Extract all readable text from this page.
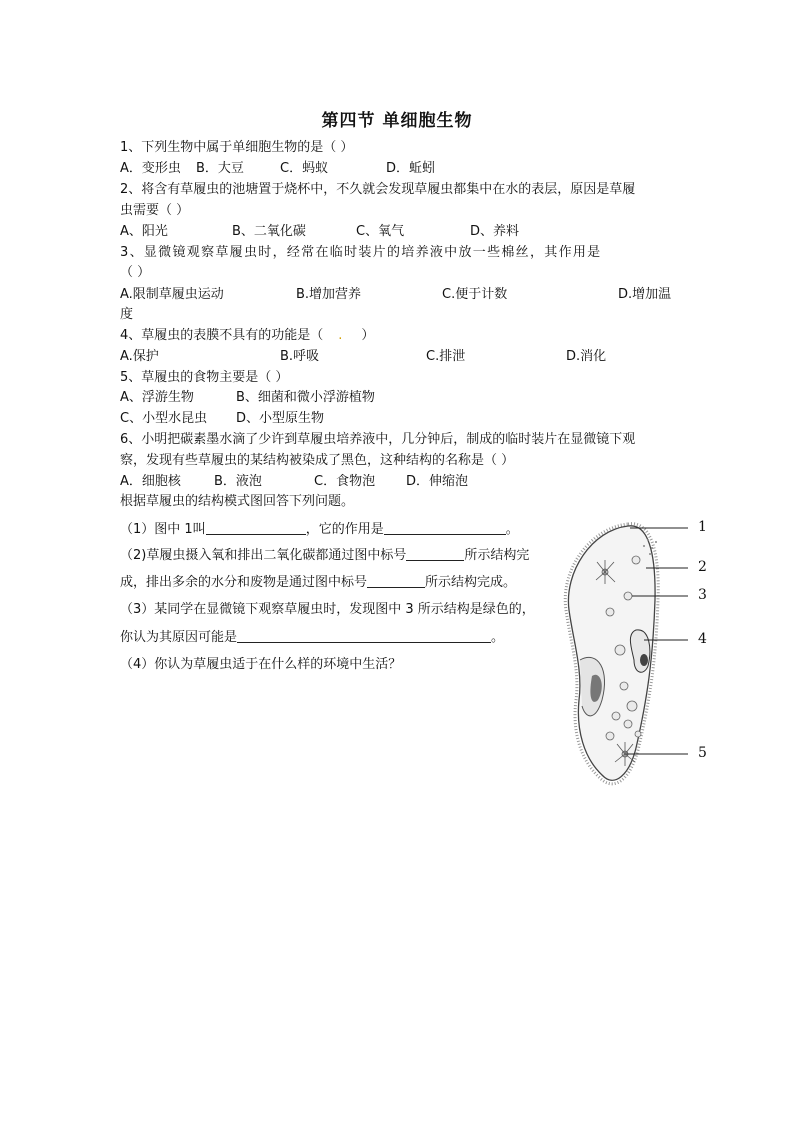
第四节 单细胞生物
1、下列生物中属于单细胞生物的是（ ）
A．变形虫 B．大豆	C．蚂蚁	D．蚯蚓
2、将含有草履虫的池塘置于烧杯中，不久就会发现草履虫都集中在水的表层，原因是草履
虫需要（ ）
A、阳光	B、二氧化碳	C、氧气	D、养料
3、显微镜观察草履虫时，经常在临时装片的培养液中放一些棉丝，其作用是
（ ）
A.限制草履虫运动	B.增加营养	C.便于计数	D.增加温
度
4、草履虫的表膜不具有的功能是（ . ）
A.保护	B.呼吸	C.排泄	D.消化
5、草履虫的食物主要是（ ）
A、浮游生物	B、细菌和微小浮游植物
C、小型水昆虫 D、小型原生物
6、小明把碳素墨水滴了少许到草履虫培养液中，几分钟后，制成的临时装片在显微镜下观
察，发现有些草履虫的某结构被染成了黑色，这种结构的名称是（ ）
A．细胞核	B．液泡	C．食物泡 D．伸缩泡
根据草履虫的结构模式图回答下列问题。
（1）图中 1叫	，它的作用是	。
（2)草履虫摄入氧和排出二氧化碳都通过图中标号	所示结构完
成，排出多余的水分和废物是通过图中标号	所示结构完成。
（3）某同学在显微镜下观察草履虫时，发现图中 3 所示结构是绿色的，
你认为其原因可能是	。
（4）你认为草履虫适于在什么样的环境中生活？
1
2
3
4
5
